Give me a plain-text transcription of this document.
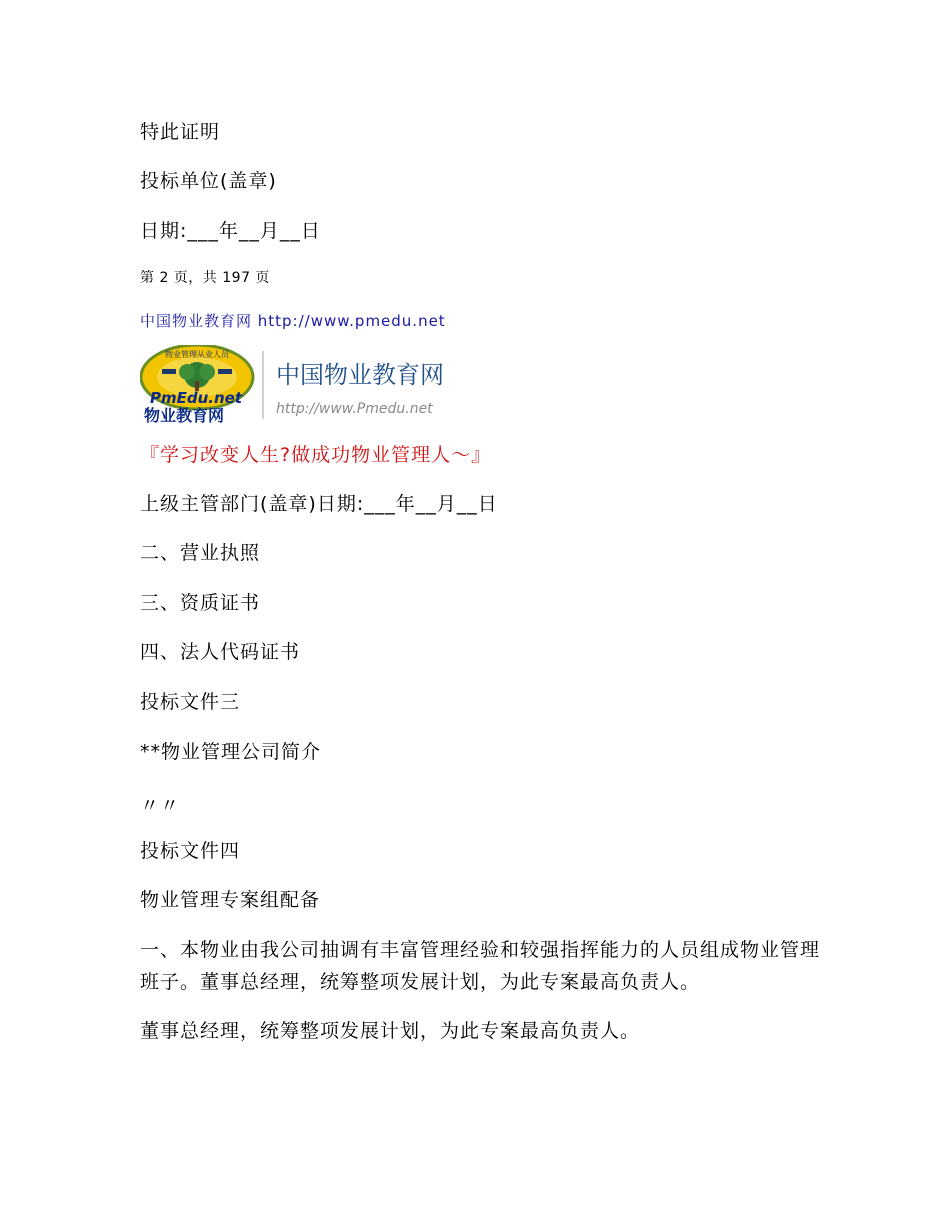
特此证明
投标单位(盖章)
日期:___年__月__日
第 2 页，共 197 页
中国物业教育网 http://www.pmedu.net
物业管理从业人员
PmEdu.net
物业教育网
中国物业教育网
http://www.Pmedu.net
『学习改变人生?做成功物业管理人～』
上级主管部门(盖章)日期:___年__月__日
二、营业执照
三、资质证书
四、法人代码证书
投标文件三
**物业管理公司简介
〃〃
投标文件四
物业管理专案组配备
一、本物业由我公司抽调有丰富管理经验和较强指挥能力的人员组成物业管理班子。董事总经理，统筹整项发展计划，为此专案最高负责人。
董事总经理，统筹整项发展计划，为此专案最高负责人。
